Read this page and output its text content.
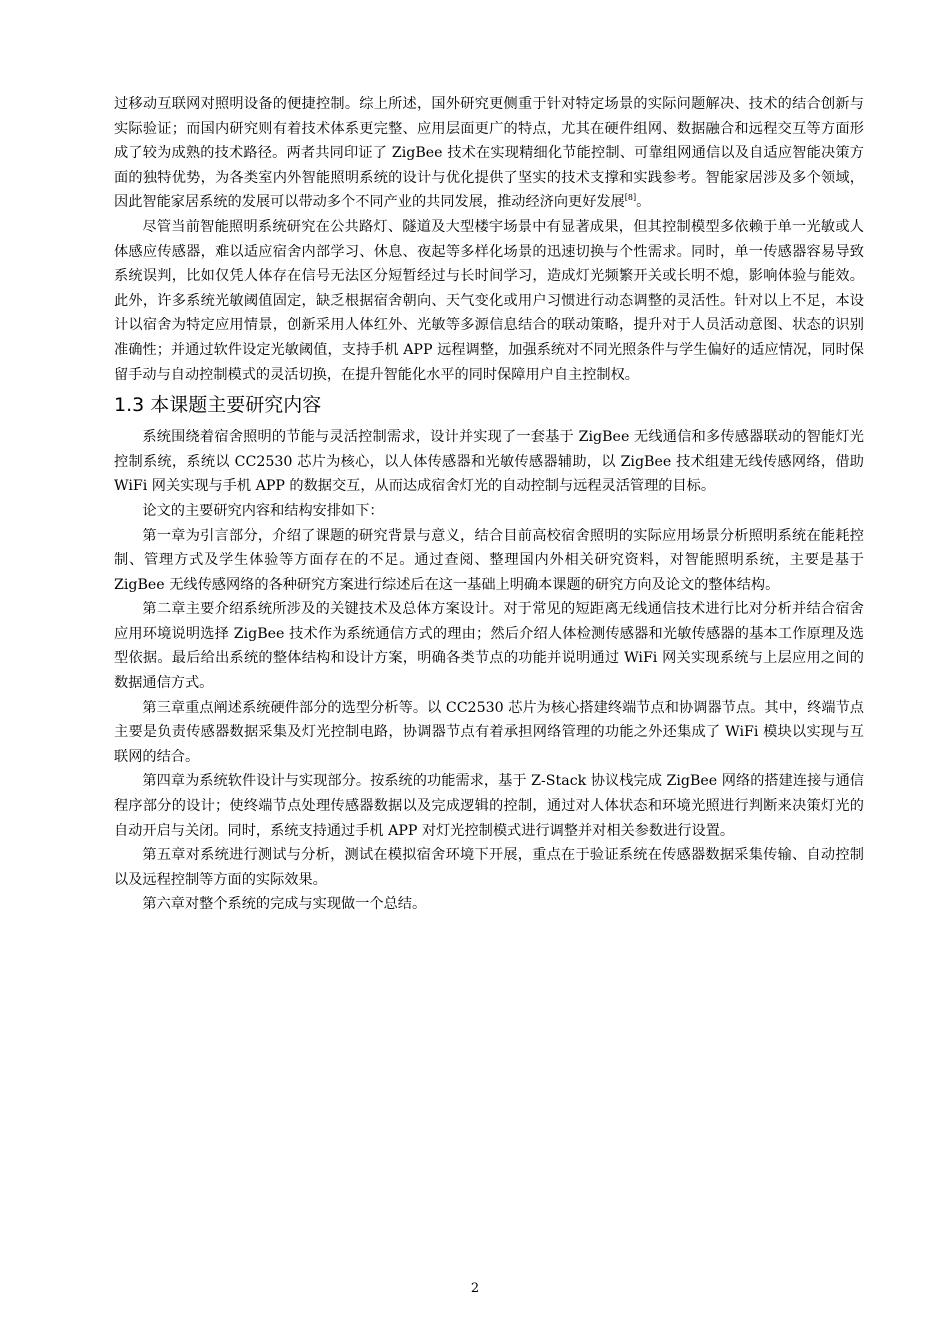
过移动互联网对照明设备的便捷控制。综上所述，国外研究更侧重于针对特定场景的实际问题解决、技术的结合创新与实际验证；而国内研究则有着技术体系更完整、应用层面更广的特点，尤其在硬件组网、数据融合和远程交互等方面形成了较为成熟的技术路径。两者共同印证了 ZigBee 技术在实现精细化节能控制、可靠组网通信以及自适应智能决策方面的独特优势，为各类室内外智能照明系统的设计与优化提供了坚实的技术支撑和实践参考。智能家居涉及多个领域，因此智能家居系统的发展可以带动多个不同产业的共同发展，推动经济向更好发展[8]。

尽管当前智能照明系统研究在公共路灯、隧道及大型楼宇场景中有显著成果，但其控制模型多依赖于单一光敏或人体感应传感器，难以适应宿舍内部学习、休息、夜起等多样化场景的迅速切换与个性需求。同时，单一传感器容易导致系统误判，比如仅凭人体存在信号无法区分短暂经过与长时间学习，造成灯光频繁开关或长明不熄，影响体验与能效。此外，许多系统光敏阈值固定，缺乏根据宿舍朝向、天气变化或用户习惯进行动态调整的灵活性。针对以上不足，本设计以宿舍为特定应用情景，创新采用人体红外、光敏等多源信息结合的联动策略，提升对于人员活动意图、状态的识别准确性；并通过软件设定光敏阈值，支持手机 APP 远程调整，加强系统对不同光照条件与学生偏好的适应情况，同时保留手动与自动控制模式的灵活切换，在提升智能化水平的同时保障用户自主控制权。

1.3 本课题主要研究内容

系统围绕着宿舍照明的节能与灵活控制需求，设计并实现了一套基于 ZigBee 无线通信和多传感器联动的智能灯光控制系统，系统以 CC2530 芯片为核心，以人体传感器和光敏传感器辅助，以 ZigBee 技术组建无线传感网络，借助 WiFi 网关实现与手机 APP 的数据交互，从而达成宿舍灯光的自动控制与远程灵活管理的目标。

论文的主要研究内容和结构安排如下：

第一章为引言部分，介绍了课题的研究背景与意义，结合目前高校宿舍照明的实际应用场景分析照明系统在能耗控制、管理方式及学生体验等方面存在的不足。通过查阅、整理国内外相关研究资料，对智能照明系统，主要是基于 ZigBee 无线传感网络的各种研究方案进行综述后在这一基础上明确本课题的研究方向及论文的整体结构。

第二章主要介绍系统所涉及的关键技术及总体方案设计。对于常见的短距离无线通信技术进行比对分析并结合宿舍应用环境说明选择 ZigBee 技术作为系统通信方式的理由；然后介绍人体检测传感器和光敏传感器的基本工作原理及选型依据。最后给出系统的整体结构和设计方案，明确各类节点的功能并说明通过 WiFi 网关实现系统与上层应用之间的数据通信方式。

第三章重点阐述系统硬件部分的选型分析等。以 CC2530 芯片为核心搭建终端节点和协调器节点。其中，终端节点主要是负责传感器数据采集及灯光控制电路，协调器节点有着承担网络管理的功能之外还集成了 WiFi 模块以实现与互联网的结合。

第四章为系统软件设计与实现部分。按系统的功能需求，基于 Z-Stack 协议栈完成 ZigBee 网络的搭建连接与通信程序部分的设计；使终端节点处理传感器数据以及完成逻辑的控制，通过对人体状态和环境光照进行判断来决策灯光的自动开启与关闭。同时，系统支持通过手机 APP 对灯光控制模式进行调整并对相关参数进行设置。

第五章对系统进行测试与分析，测试在模拟宿舍环境下开展，重点在于验证系统在传感器数据采集传输、自动控制以及远程控制等方面的实际效果。

第六章对整个系统的完成与实现做一个总结。

2
